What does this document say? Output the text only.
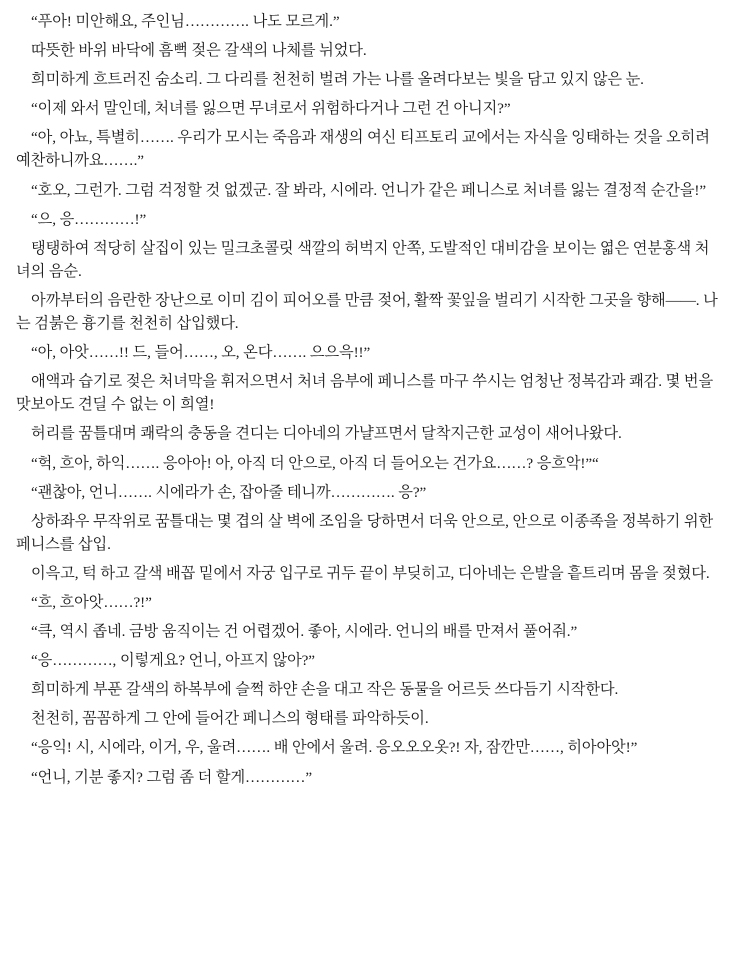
“푸아! 미안해요, 주인님…………. 나도 모르게.”

따뜻한 바위 바닥에 흠뻑 젖은 갈색의 나체를 뉘었다.

희미하게 흐트러진 숨소리. 그 다리를 천천히 벌려 가는 나를 올려다보는 빛을 담고 있지 않은 눈.

“이제 와서 말인데, 처녀를 잃으면 무녀로서 위험하다거나 그런 건 아니지?”

“아, 아뇨, 특별히……. 우리가 모시는 죽음과 재생의 여신 티프토리 교에서는 자식을 잉태하는 것을 오히려 예찬하니까요…….”

“호오, 그런가. 그럼 걱정할 것 없겠군. 잘 봐라, 시에라. 언니가 같은 페니스로 처녀를 잃는 결정적 순간을!”

“으, 응…………!”

탱탱하여 적당히 살집이 있는 밀크초콜릿 색깔의 허벅지 안쪽, 도발적인 대비감을 보이는 엷은 연분홍색 처녀의 음순.

아까부터의 음란한 장난으로 이미 김이 피어오를 만큼 젖어, 활짝 꽃잎을 벌리기 시작한 그곳을 향해——. 나는 검붉은 흉기를 천천히 삽입했다.

“아, 아앗……!! 드, 들어……, 오, 온다……. 으으윽!!”

애액과 습기로 젖은 처녀막을 휘저으면서 처녀 음부에 페니스를 마구 쑤시는 엄청난 정복감과 쾌감. 몇 번을 맛보아도 견딜 수 없는 이 희열!

허리를 꿈틀대며 쾌락의 충동을 견디는 디아네의 가냘프면서 달착지근한 교성이 새어나왔다.

“헉, 흐아, 하익……. 응아아! 아, 아직 더 안으로, 아직 더 들어오는 건가요……? 응흐악!”“

“괜찮아, 언니……. 시에라가 손, 잡아줄 테니까…………. 응?”

상하좌우 무작위로 꿈틀대는 몇 겹의 살 벽에 조임을 당하면서 더욱 안으로, 안으로 이종족을 정복하기 위한 페니스를 삽입.

이윽고, 턱 하고 갈색 배꼽 밑에서 자궁 입구로 귀두 끝이 부딪히고, 디아네는 은발을 흩트리며 몸을 젖혔다.

“흐, 흐아앗……?!”

“큭, 역시 좁네. 금방 움직이는 건 어렵겠어. 좋아, 시에라. 언니의 배를 만져서 풀어줘.”

“응…………, 이렇게요? 언니, 아프지 않아?”

희미하게 부푼 갈색의 하복부에 슬쩍 하얀 손을 대고 작은 동물을 어르듯 쓰다듬기 시작한다.

천천히, 꼼꼼하게 그 안에 들어간 페니스의 형태를 파악하듯이.

“응익! 시, 시에라, 이거, 우, 울려……. 배 안에서 울려. 응오오오옷?! 자, 잠깐만……, 히아아앗!”

“언니, 기분 좋지? 그럼 좀 더 할게…………”
